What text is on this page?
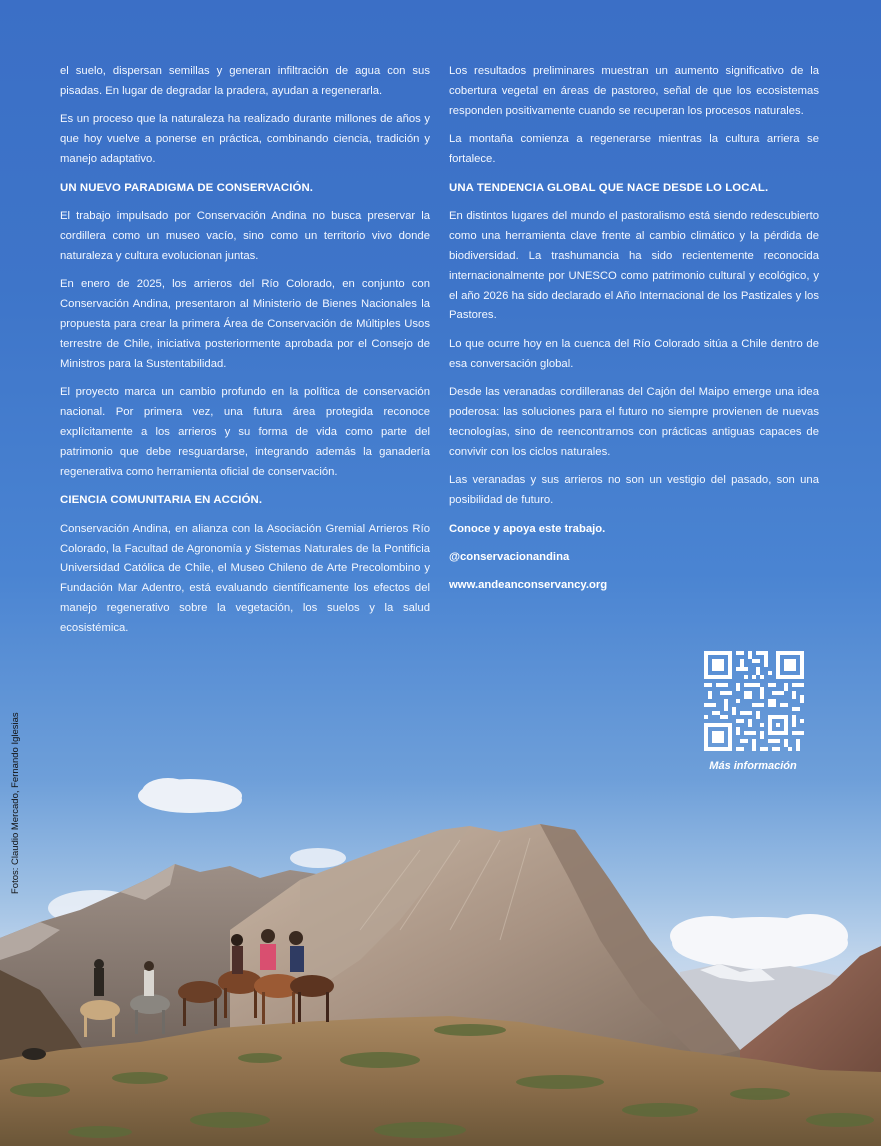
el suelo, dispersan semillas y generan infiltración de agua con sus pisadas. En lugar de degradar la pradera, ayudan a regenerarla.

Es un proceso que la naturaleza ha realizado durante millones de años y que hoy vuelve a ponerse en práctica, combinando ciencia, tradición y manejo adaptativo.

UN NUEVO PARADIGMA DE CONSERVACIÓN.

El trabajo impulsado por Conservación Andina no busca preservar la cordillera como un museo vacío, sino como un territorio vivo donde naturaleza y cultura evolucionan juntas.

En enero de 2025, los arrieros del Río Colorado, en conjunto con Conservación Andina, presentaron al Ministerio de Bienes Nacionales la propuesta para crear la primera Área de Conservación de Múltiples Usos terrestre de Chile, iniciativa posteriormente aprobada por el Consejo de Ministros para la Sustentabilidad.

El proyecto marca un cambio profundo en la política de conservación nacional. Por primera vez, una futura área protegida reconoce explícitamente a los arrieros y su forma de vida como parte del patrimonio que debe resguardarse, integrando además la ganadería regenerativa como herramienta oficial de conservación.

CIENCIA COMUNITARIA EN ACCIÓN.

Conservación Andina, en alianza con la Asociación Gremial Arrieros Río Colorado, la Facultad de Agronomía y Sistemas Naturales de la Pontificia Universidad Católica de Chile, el Museo Chileno de Arte Precolombino y Fundación Mar Adentro, está evaluando científicamente los efectos del manejo regenerativo sobre la vegetación, los suelos y la salud ecosistémica.

Los resultados preliminares muestran un aumento significativo de la cobertura vegetal en áreas de pastoreo, señal de que los ecosistemas responden positivamente cuando se recuperan los procesos naturales.

La montaña comienza a regenerarse mientras la cultura arriera se fortalece.

UNA TENDENCIA GLOBAL QUE NACE DESDE LO LOCAL.

En distintos lugares del mundo el pastoralismo está siendo redescubierto como una herramienta clave frente al cambio climático y la pérdida de biodiversidad. La trashumancia ha sido recientemente reconocida internacionalmente por UNESCO como patrimonio cultural y ecológico, y el año 2026 ha sido declarado el Año Internacional de los Pastizales y los Pastores.

Lo que ocurre hoy en la cuenca del Río Colorado sitúa a Chile dentro de esa conversación global.

Desde las veranadas cordilleranas del Cajón del Maipo emerge una idea poderosa: las soluciones para el futuro no siempre provienen de nuevas tecnologías, sino de reencontrarnos con prácticas antiguas capaces de convivir con los ciclos naturales.

Las veranadas y sus arrieros no son un vestigio del pasado, son una posibilidad de futuro.

Conoce y apoya este trabajo.

@conservacionandina

www.andeanconservancy.org

Más información
Fotos: Claudio Mercado, Fernando Iglesias
